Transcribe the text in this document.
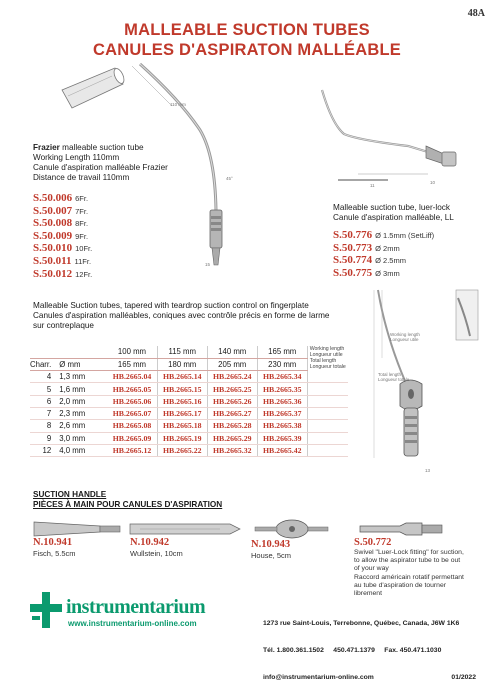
48A
MALLEABLE SUCTION TUBES
CANULES D'ASPIRATON MALLÉABLE
110 mm
45°
15
Frazier malleable suction tube
Working Length 110mm
Canule d'aspiration malléable Frazier
Distance de travail 110mm
S.50.006 6Fr.
S.50.007 7Fr.
S.50.008 8Fr.
S.50.009 9Fr.
S.50.010 10Fr.
S.50.011 11Fr.
S.50.012 12Fr.
11
10
Malleable suction tube, luer-lock
Canule d'aspiration malléable, LL
S.50.776 Ø 1.5mm (SetLiff)
S.50.773 Ø 2mm
S.50.774 Ø 2.5mm
S.50.775 Ø 3mm
Malleable Suction tubes, tapered with teardrop suction control on fingerplate
Canules d'aspiration malléables, coniques avec contrôle précis en forme de larme
sur contreplaque
		100 mm	115 mm	140 mm	165 mm	Working length
Longueur utile

Charr.	Ø mm	165 mm	180 mm	205 mm	230 mm	Total length
Longueur totale

4	1,3 mm	HB.2665.04	HB.2665.14	HB.2665.24	HB.2665.34	
5	1,6 mm	HB.2665.05	HB.2665.15	HB.2665.25	HB.2665.35	
6	2,0 mm	HB.2665.06	HB.2665.16	HB.2665.26	HB.2665.36	
7	2,3 mm	HB.2665.07	HB.2665.17	HB.2665.27	HB.2665.37	
8	2,6 mm	HB.2665.08	HB.2665.18	HB.2665.28	HB.2665.38	
9	3,0 mm	HB.2665.09	HB.2665.19	HB.2665.29	HB.2665.39	
12	4,0 mm	HB.2665.12	HB.2665.22	HB.2665.32	HB.2665.42	
Working length
Longueur utile
Total length
Longueur totale
13
SUCTION HANDLE
PIÈCES À MAIN POUR CANULES D'ASPIRATION
N.10.941
Fisch, 5.5cm
N.10.942
Wullstein, 10cm
N.10.943
House, 5cm
S.50.772
Swivel "Luer-Lock fitting" for suction,
to allow the aspirator tube to be out
of your way
Raccord américain rotatif permettant
au tube d'aspiration de tourner
librement
instrumentarium
www.instrumentarium-online.com

	1273 rue Saint-Louis, Terrebonne, Québec, Canada, J6W 1K6

Tél. 1.800.361.1502     450.471.1379     Fax. 450.471.1030

info@instrumentarium-online.com	01/2022
